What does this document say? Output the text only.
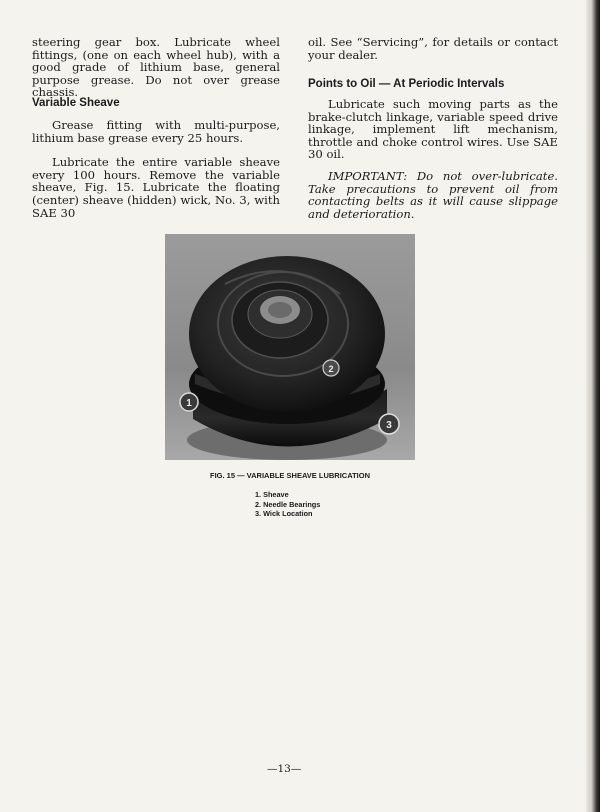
steering gear box. Lubricate wheel fittings, (one on each wheel hub), with a good grade of lithium base, general purpose grease. Do not over grease chassis.

Variable Sheave

Grease fitting with multi-purpose, lithium base grease every 25 hours.

Lubricate the entire variable sheave every 100 hours. Remove the variable sheave, Fig. 15. Lubricate the floating (center) sheave (hidden) wick, No. 3, with SAE 30

oil. See “Servicing”, for details or contact your dealer.

Points to Oil — At Periodic Intervals

Lubricate such moving parts as the brake-clutch linkage, variable speed drive linkage, implement lift mechanism, throttle and choke control wires. Use SAE 30 oil.

IMPORTANT: Do not over-lubricate. Take precautions to prevent oil from contacting belts as it will cause slippage and deterioration.

1
2
3
FIG. 15 — VARIABLE SHEAVE LUBRICATION
1. Sheave
2. Needle Bearings
3. Wick Location
—13—
